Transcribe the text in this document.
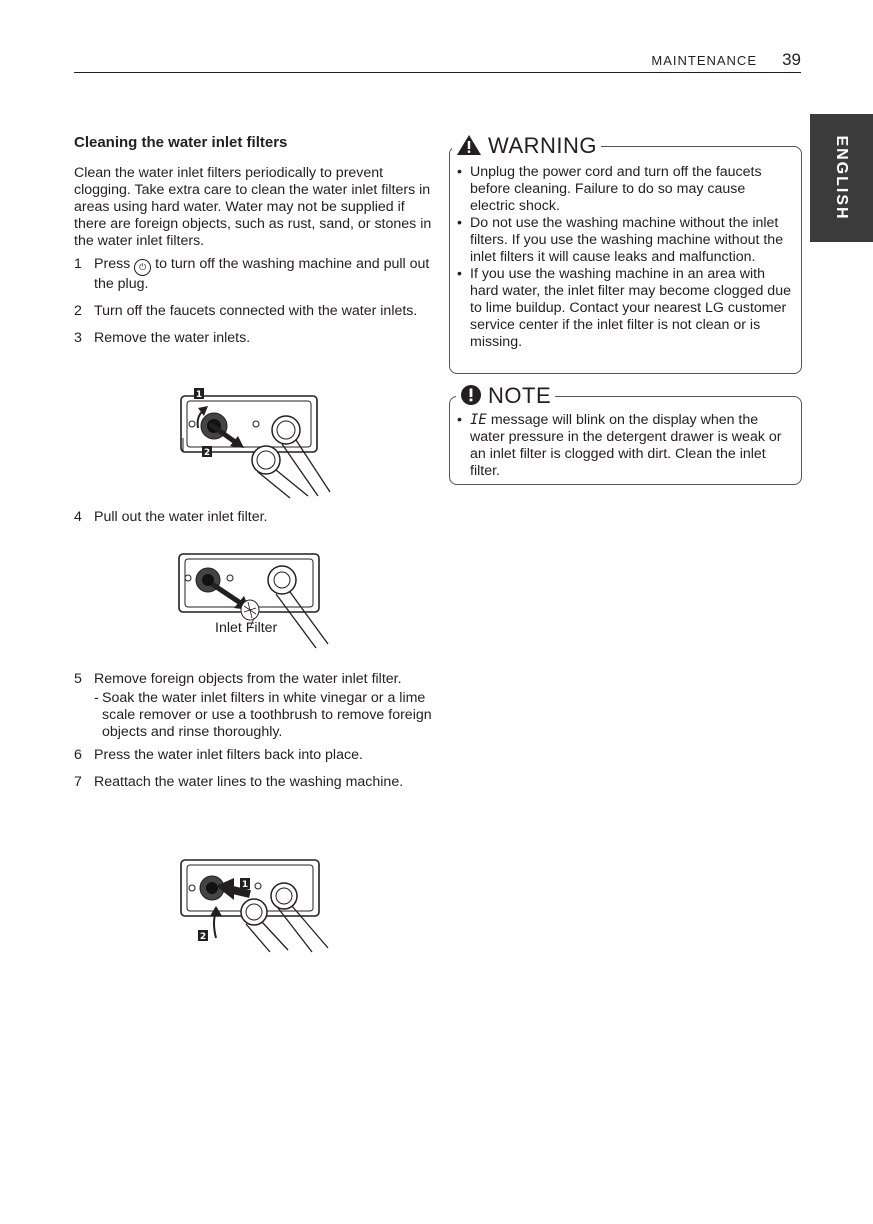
MAINTENANCE 39
ENGLISH
Cleaning the water inlet filters

Clean the water inlet filters periodically to prevent clogging. Take extra care to clean the water inlet filters in areas using hard water. Water may not be supplied if there are foreign objects, such as rust, sand, or stones in the water inlet filters.

1 Press ⏻ to turn off the washing machine and pull out the plug.
2 Turn off the faucets connected with the water inlets.
3 Remove the water inlets.
1
2
4 Pull out the water inlet filter.
Inlet Filter
5 Remove foreign objects from the water inlet filter.
- Soak the water inlet filters in white vinegar or a lime scale remover or use a toothbrush to remove foreign objects and rinse thoroughly.
6 Press the water inlet filters back into place.
7 Reattach the water lines to the washing machine.
1
2
WARNING
• Unplug the power cord and turn off the faucets before cleaning. Failure to do so may cause electric shock.
• Do not use the washing machine without the inlet filters. If you use the washing machine without the inlet filters it will cause leaks and malfunction.
• If you use the washing machine in an area with hard water, the inlet filter may become clogged due to lime buildup. Contact your nearest LG customer service center if the inlet filter is not clean or is missing.
NOTE
• IE message will blink on the display when the water pressure in the detergent drawer is weak or an inlet filter is clogged with dirt. Clean the inlet filter.
